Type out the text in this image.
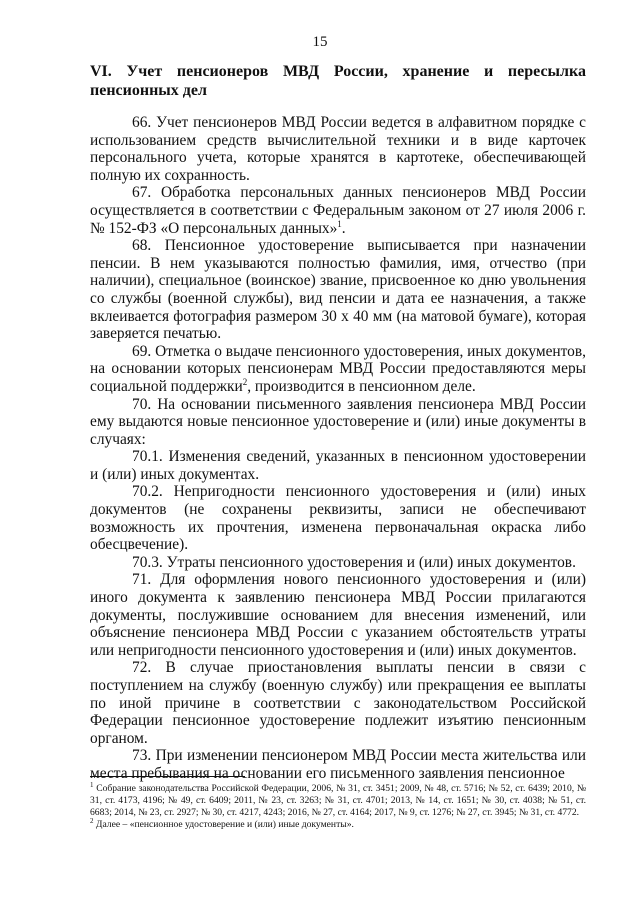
15
VI. Учет пенсионеров МВД России, хранение и пересылка
пенсионных дел

66. Учет пенсионеров МВД России ведется в алфавитном порядке с использованием средств вычислительной техники и в виде карточек персонального учета, которые хранятся в картотеке, обеспечивающей полную их сохранность.

67. Обработка персональных данных пенсионеров МВД России осуществляется в соответствии с Федеральным законом от 27 июля 2006 г. № 152-ФЗ «О персональных данных»$^1$.

68. Пенсионное удостоверение выписывается при назначении пенсии. В нем указываются полностью фамилия, имя, отчество (при наличии), специальное (воинское) звание, присвоенное ко дню увольнения со службы (военной службы), вид пенсии и дата ее назначения, а также вклеивается фотография размером 30 x 40 мм (на матовой бумаге), которая заверяется печатью.

69. Отметка о выдаче пенсионного удостоверения, иных документов, на основании которых пенсионерам МВД России предоставляются меры социальной поддержки$^2$, производится в пенсионном деле.

70. На основании письменного заявления пенсионера МВД России ему выдаются новые пенсионное удостоверение и (или) иные документы в случаях:

70.1. Изменения сведений, указанных в пенсионном удостоверении и (или) иных документах.

70.2. Непригодности пенсионного удостоверения и (или) иных документов (не сохранены реквизиты, записи не обеспечивают возможность их прочтения, изменена первоначальная окраска либо обесцвечение).

70.3. Утраты пенсионного удостоверения и (или) иных документов.

71. Для оформления нового пенсионного удостоверения и (или) иного документа к заявлению пенсионера МВД России прилагаются документы, послужившие основанием для внесения изменений, или объяснение пенсионера МВД России с указанием обстоятельств утраты или непригодности пенсионного удостоверения и (или) иных документов.

72. В случае приостановления выплаты пенсии в связи с поступлением на службу (военную службу) или прекращения ее выплаты по иной причине в соответствии с законодательством Российской Федерации пенсионное удостоверение подлежит изъятию пенсионным органом.

73. При изменении пенсионером МВД России места жительства или места пребывания на основании его письменного заявления пенсионное

$^1$ Собрание законодательства Российской Федерации, 2006, № 31, ст. 3451; 2009, № 48, ст. 5716; № 52, ст. 6439; 2010, № 31, ст. 4173, 4196; № 49, ст. 6409; 2011, № 23, ст. 3263; № 31, ст. 4701; 2013, № 14, ст. 1651; № 30, ст. 4038; № 51, ст. 6683; 2014, № 23, ст. 2927; № 30, ст. 4217, 4243; 2016, № 27, ст. 4164; 2017, № 9, ст. 1276; № 27, ст. 3945; № 31, ст. 4772.

$^2$ Далее – «пенсионное удостоверение и (или) иные документы».
